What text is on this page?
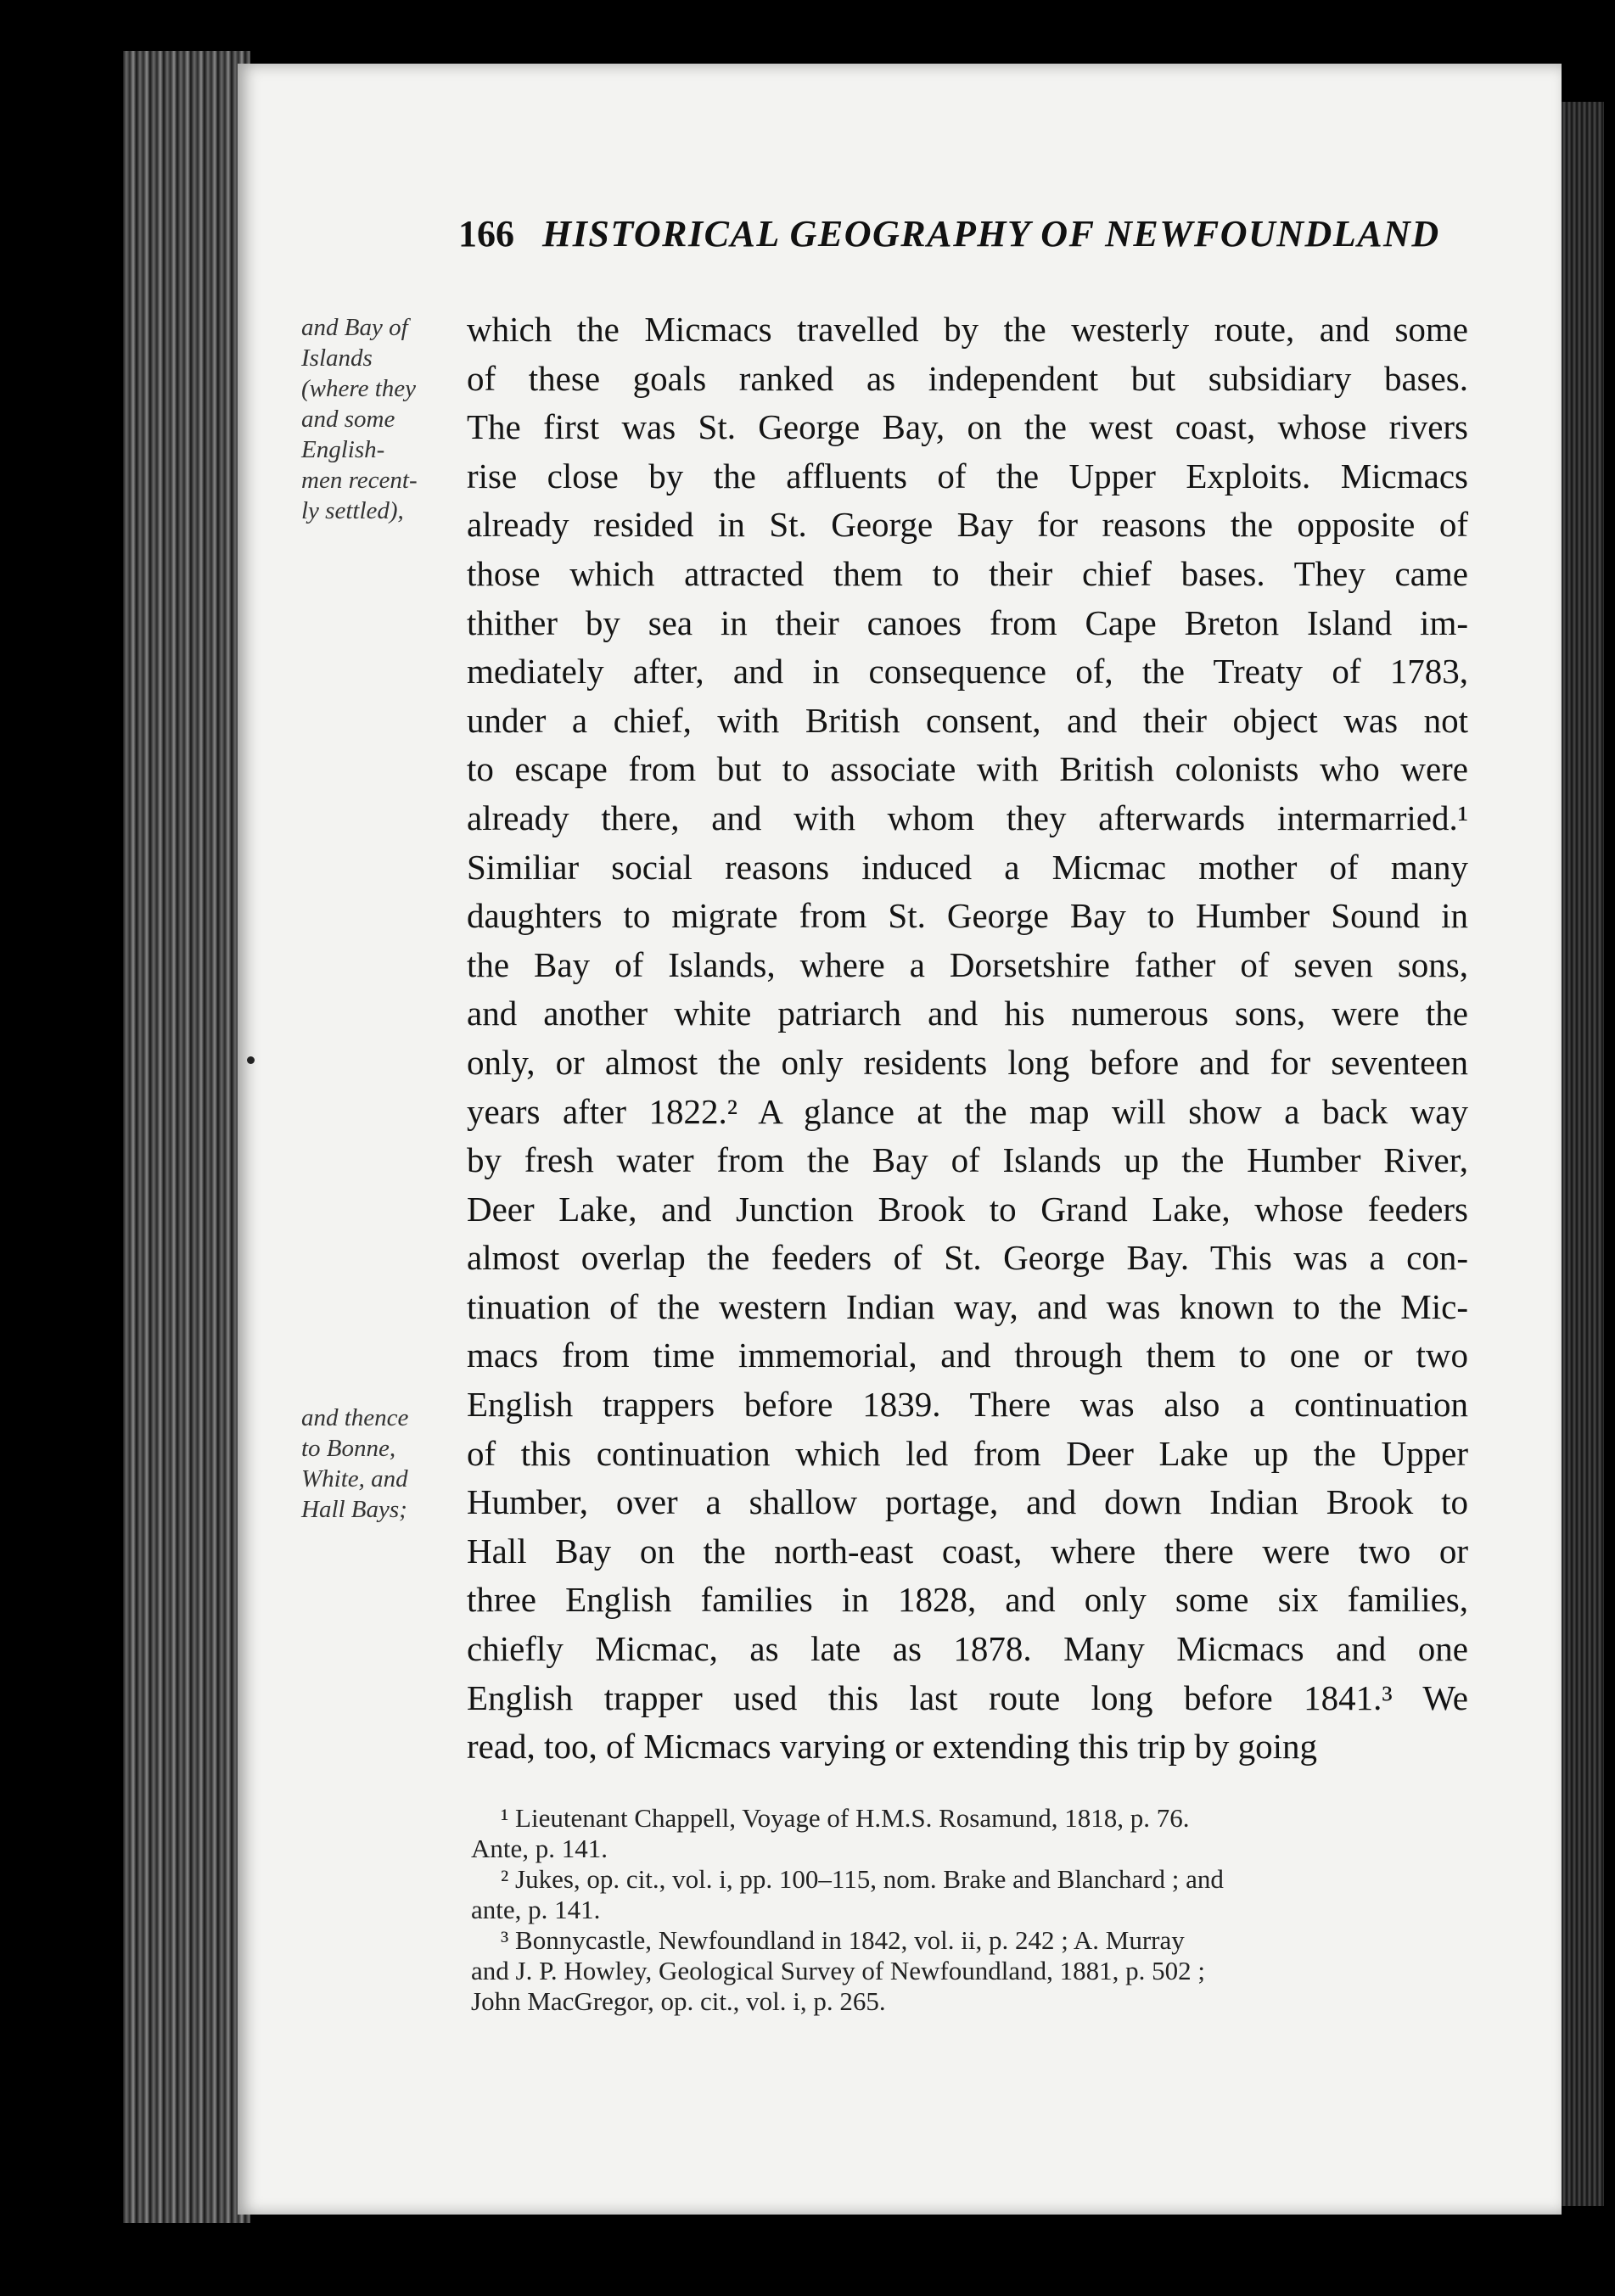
166 HISTORICAL GEOGRAPHY OF NEWFOUNDLAND
and Bay of
Islands
(where they
and some
English-
men recent-
ly settled),
and thence
to Bonne,
White, and
Hall Bays;
which the Micmacs travelled by the westerly route, and some
of these goals ranked as independent but subsidiary bases.
The first was St. George Bay, on the west coast, whose rivers
rise close by the affluents of the Upper Exploits. Micmacs
already resided in St. George Bay for reasons the opposite of
those which attracted them to their chief bases. They came
thither by sea in their canoes from Cape Breton Island im-
mediately after, and in consequence of, the Treaty of 1783,
under a chief, with British consent, and their object was not
to escape from but to associate with British colonists who were
already there, and with whom they afterwards intermarried.¹
Similiar social reasons induced a Micmac mother of many
daughters to migrate from St. George Bay to Humber Sound in
the Bay of Islands, where a Dorsetshire father of seven sons,
and another white patriarch and his numerous sons, were the
only, or almost the only residents long before and for seventeen
years after 1822.² A glance at the map will show a back way
by fresh water from the Bay of Islands up the Humber River,
Deer Lake, and Junction Brook to Grand Lake, whose feeders
almost overlap the feeders of St. George Bay. This was a con-
tinuation of the western Indian way, and was known to the Mic-
macs from time immemorial, and through them to one or two
English trappers before 1839. There was also a continuation
of this continuation which led from Deer Lake up the Upper
Humber, over a shallow portage, and down Indian Brook to
Hall Bay on the north-east coast, where there were two or
three English families in 1828, and only some six families,
chiefly Micmac, as late as 1878. Many Micmacs and one
English trapper used this last route long before 1841.³ We
read, too, of Micmacs varying or extending this trip by going
¹ Lieutenant Chappell, Voyage of H.M.S. Rosamund, 1818, p. 76.
Ante, p. 141.
² Jukes, op. cit., vol. i, pp. 100–115, nom. Brake and Blanchard ; and
ante, p. 141.
³ Bonnycastle, Newfoundland in 1842, vol. ii, p. 242 ; A. Murray
and J. P. Howley, Geological Survey of Newfoundland, 1881, p. 502 ;
John MacGregor, op. cit., vol. i, p. 265.
